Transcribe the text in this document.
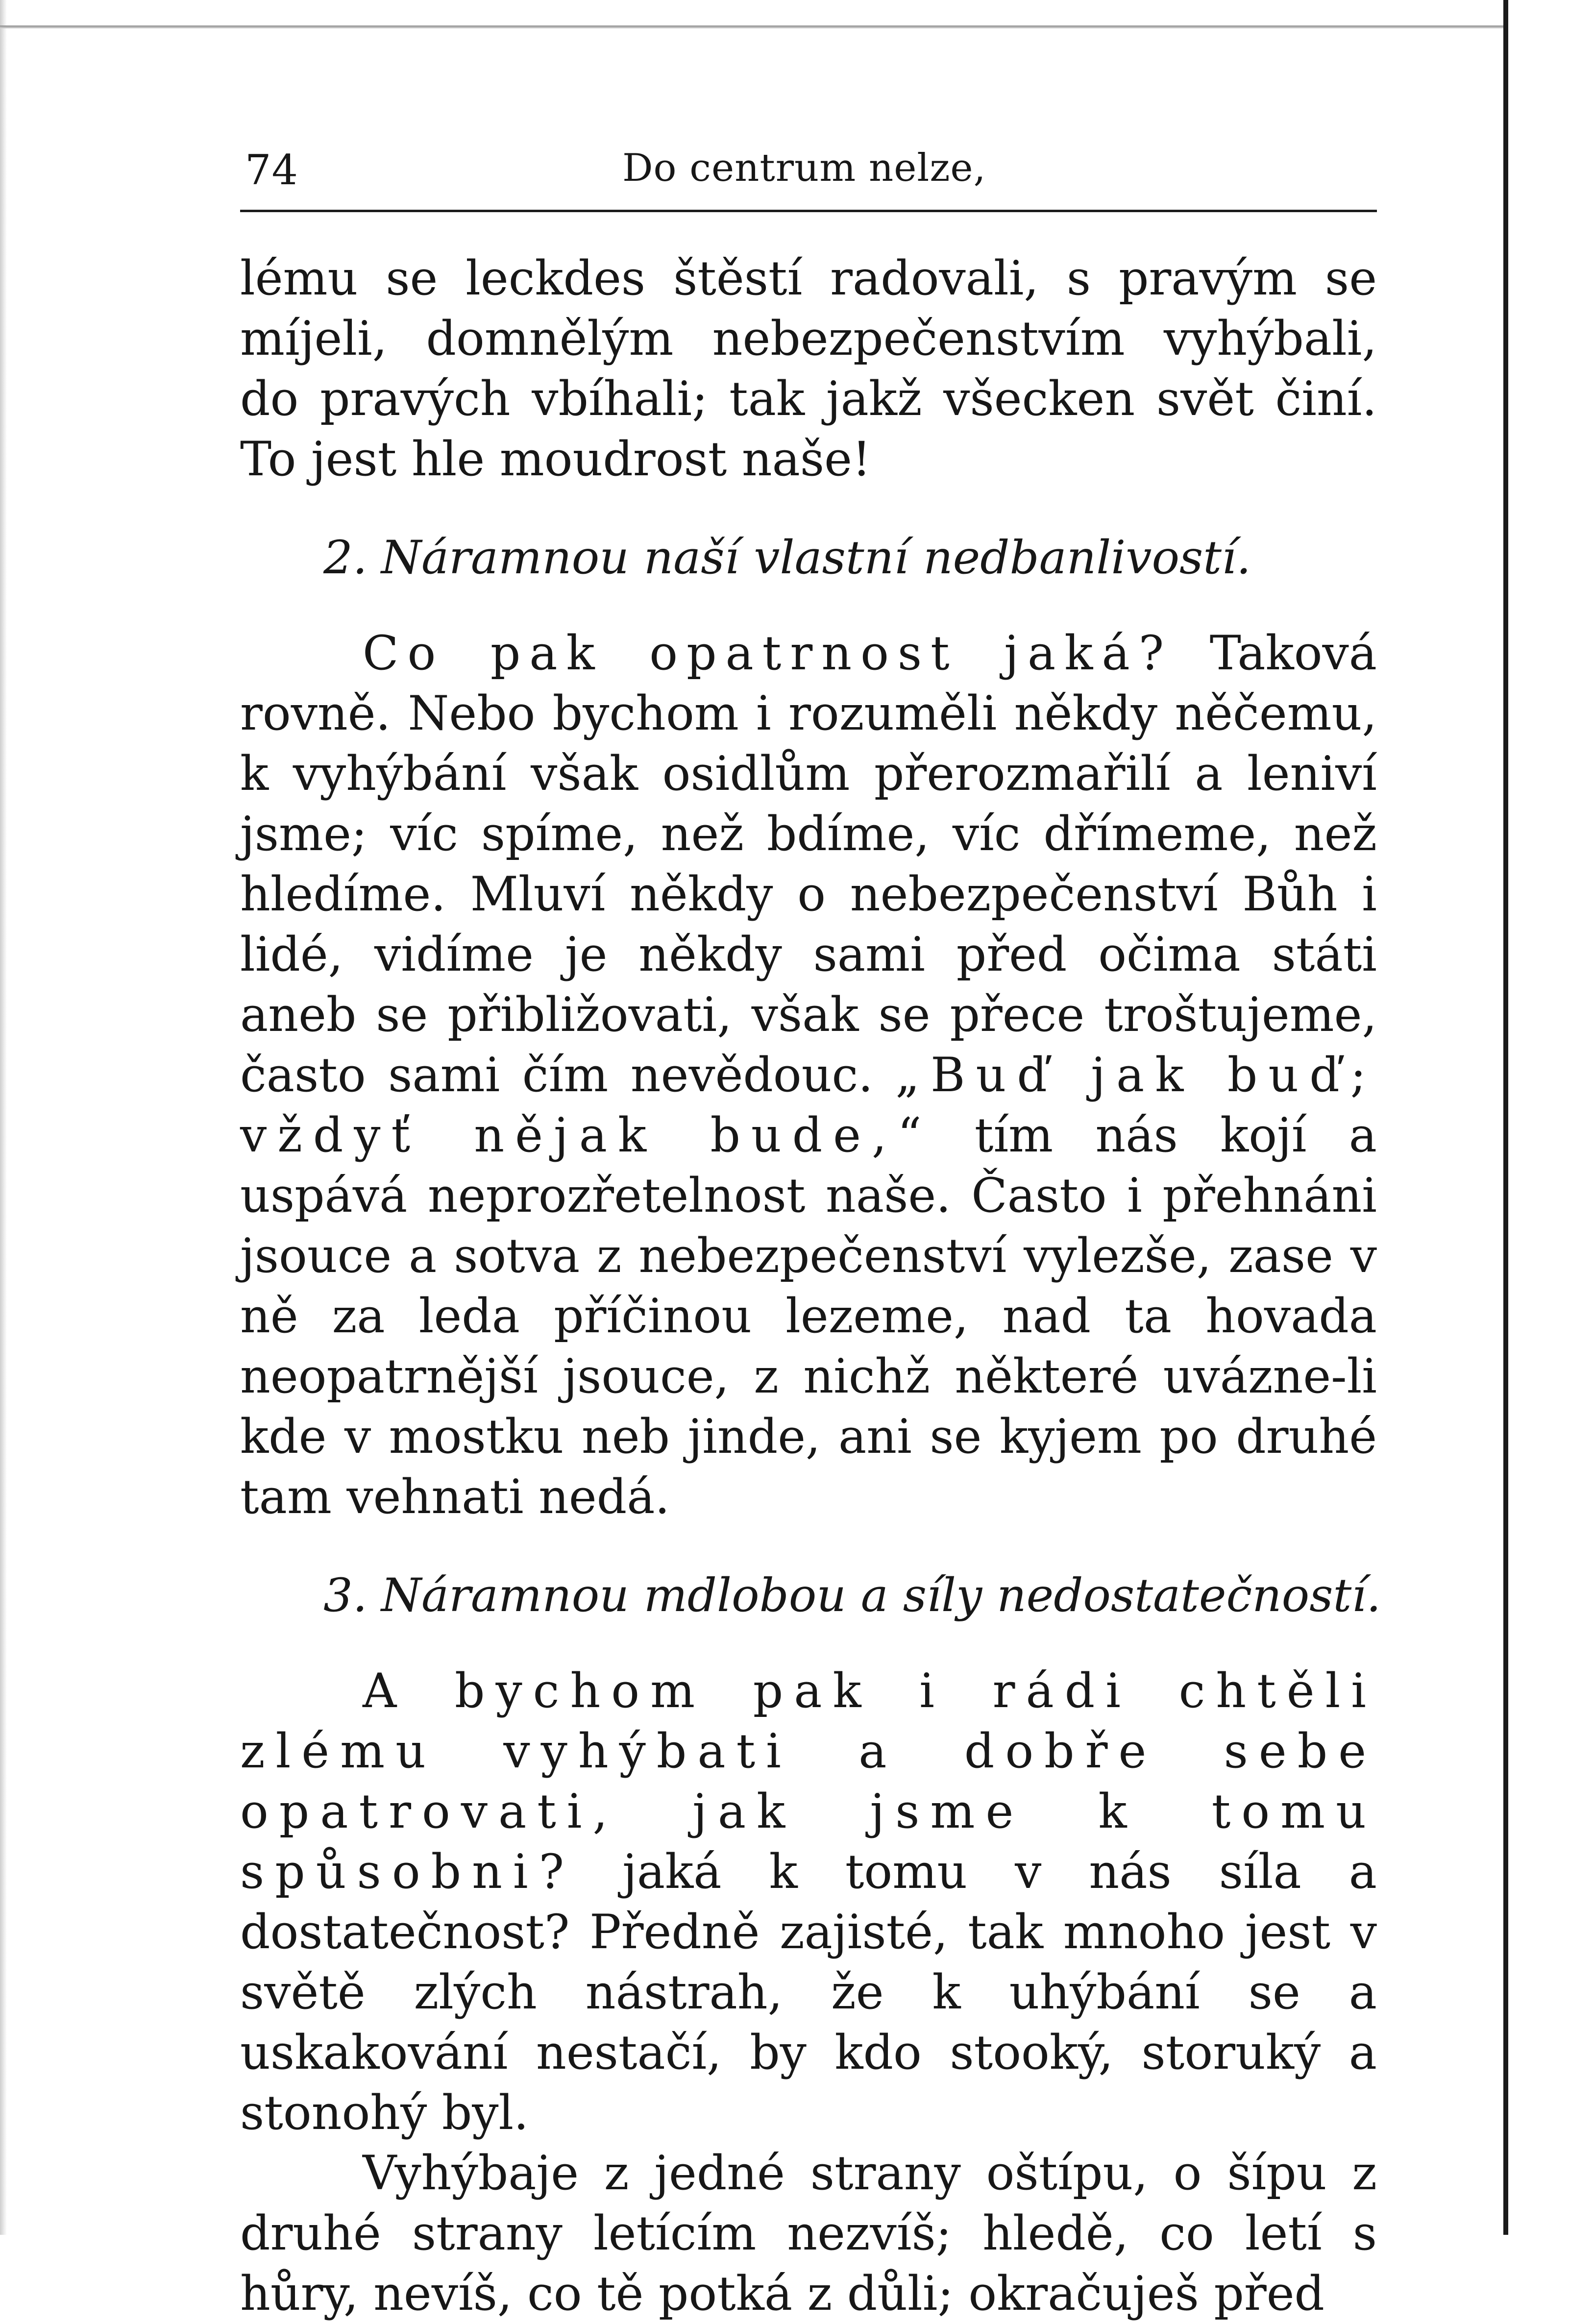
74	Do centrum nelze,

lému se leckdes štěstí radovali, s pravým se míjeli, domnělým nebezpečenstvím vyhýbali, do pravých vbíhali; tak jakž všecken svět činí. To jest hle moudrost naše!

2. Náramnou naší vlastní nedbanlivostí.

Co pak opatrnost jaká? Taková rovně. Nebo bychom i rozuměli někdy něčemu, k vyhýbání však osidlům přerozmařilí a leniví jsme; víc spíme, než bdíme, víc dřímeme, než hledíme. Mluví někdy o nebezpečenství Bůh i lidé, vidíme je někdy sami před očima státi aneb se přibližovati, však se přece troštujeme, často sami čím nevědouc. „Buď jak buď; vždyť nějak bude,“ tím nás kojí a uspává neprozřetelnost naše. Často i přehnáni jsouce a sotva z nebezpečenství vylezše, zase v ně za leda příčinou lezeme, nad ta hovada neopatrnější jsouce, z nichž některé uvázne-li kde v mostku neb jinde, ani se kyjem po druhé tam vehnati nedá.

3. Náramnou mdlobou a síly nedostatečností.

A bychom pak i rádi chtěli zlému vyhýbati a dobře sebe opatrovati, jak jsme k tomu spůsobni? jaká k tomu v nás síla a dostatečnost? Předně zajisté, tak mnoho jest v světě zlých nástrah, že k uhýbání se a uskakování nestačí, by kdo stooký, storuký a stonohý byl.

Vyhýbaje z jedné strany oštípu, o šípu z druhé strany letícím nezvíš; hledě, co letí s hůry, nevíš, co tě potká z důli; okračuješ před
